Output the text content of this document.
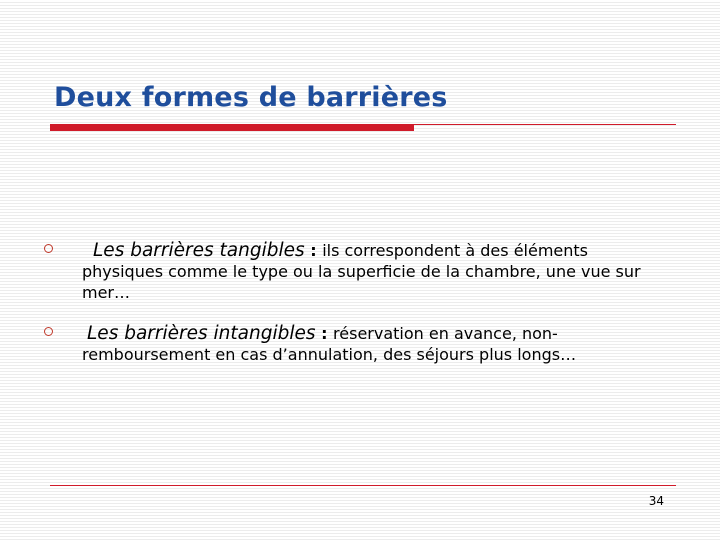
Deux formes de barrières
Les barrières tangibles : ils correspondent à des éléments physiques comme le type ou la superficie de la chambre, une vue sur mer…
Les barrières intangibles : réservation en avance, non-remboursement en cas d’annulation, des séjours plus longs…
34
